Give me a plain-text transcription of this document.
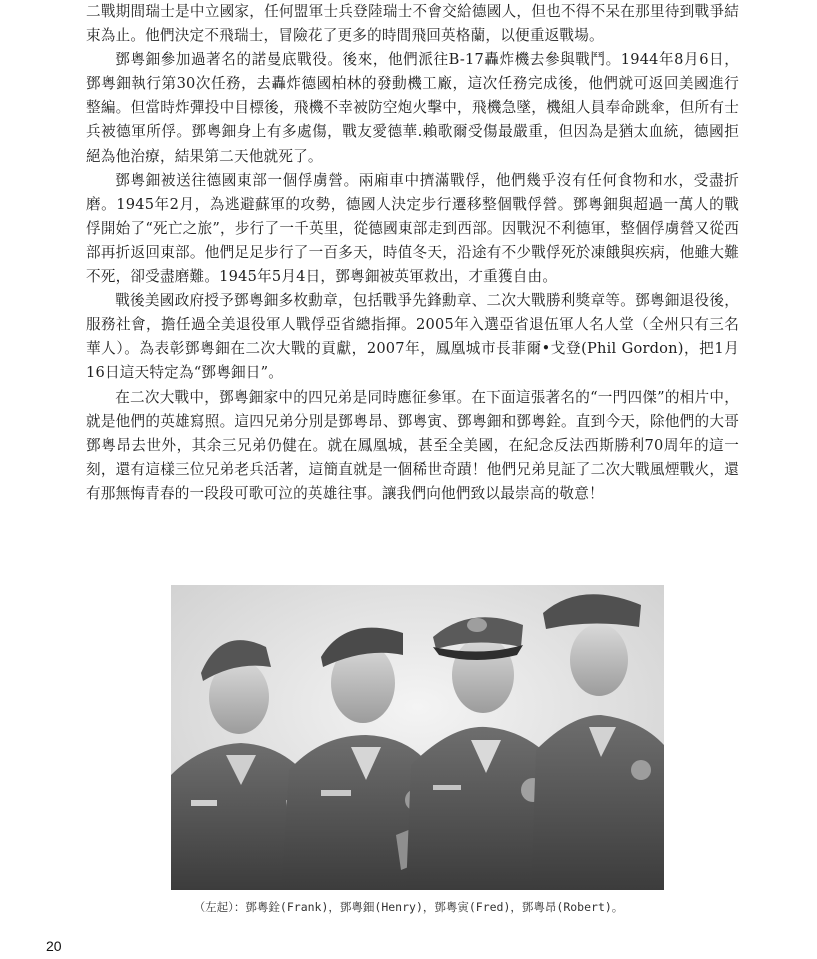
二戰期間瑞士是中立國家，任何盟軍士兵登陸瑞士不會交給德國人，但也不得不呆在那里待到戰爭結束為止。他們決定不飛瑞士，冒險花了更多的時間飛回英格蘭，以便重返戰場。

鄧粵鈿參加過著名的諾曼底戰役。後來，他們派往B-17轟炸機去參與戰鬥。1944年8月6日，鄧粵鈿執行第30次任務，去轟炸德國柏林的發動機工廠，這次任務完成後，他們就可返回美國進行整編。但當時炸彈投中目標後，飛機不幸被防空炮火擊中，飛機急墜，機組人員奉命跳傘，但所有士兵被德軍所俘。鄧粵鈿身上有多處傷，戰友愛德華.賴歌爾受傷最嚴重，但因為是猶太血統，德國拒絕為他治療，結果第二天他就死了。

鄧粵鈿被送往德國東部一個俘虜營。兩廂車中擠滿戰俘，他們幾乎沒有任何食物和水，受盡折磨。1945年2月，為逃避蘇軍的攻勢，德國人決定步行遷移整個戰俘營。鄧粵鈿與超過一萬人的戰俘開始了“死亡之旅”，步行了一千英里，從德國東部走到西部。因戰況不利德軍，整個俘虜營又從西部再折返回東部。他們足足步行了一百多天，時值冬天，沿途有不少戰俘死於凍餓與疾病，他雖大難不死，卻受盡磨難。1945年5月4日，鄧粵鈿被英軍救出，才重獲自由。

戰後美國政府授予鄧粵鈿多枚勳章，包括戰爭先鋒勳章、二次大戰勝利獎章等。鄧粵鈿退役後，服務社會，擔任過全美退役軍人戰俘亞省總指揮。2005年入選亞省退伍軍人名人堂（全州只有三名華人）。為表彰鄧粵鈿在二次大戰的貢獻，2007年，鳳凰城市長菲爾•戈登(Phil Gordon)，把1月16日這天特定為“鄧粵鈿日”。

在二次大戰中，鄧粵鈿家中的四兄弟是同時應征參軍。在下面這張著名的“一門四傑”的相片中，就是他們的英雄寫照。這四兄弟分別是鄧粵昂、鄧粵寅、鄧粵鈿和鄧粵銓。直到今天，除他們的大哥鄧粵昂去世外，其余三兄弟仍健在。就在鳳凰城，甚至全美國，在紀念反法西斯勝利70周年的這一刻，還有這樣三位兄弟老兵活著，這簡直就是一個稀世奇蹟！他們兄弟見証了二次大戰風煙戰火，還有那無悔青春的一段段可歌可泣的英雄往事。讓我們向他們致以最崇高的敬意！

（左起）：鄧粵銓(Frank)，鄧粵鈿(Henry)，鄧粵寅(Fred)，鄧粵昂(Robert)。
20
